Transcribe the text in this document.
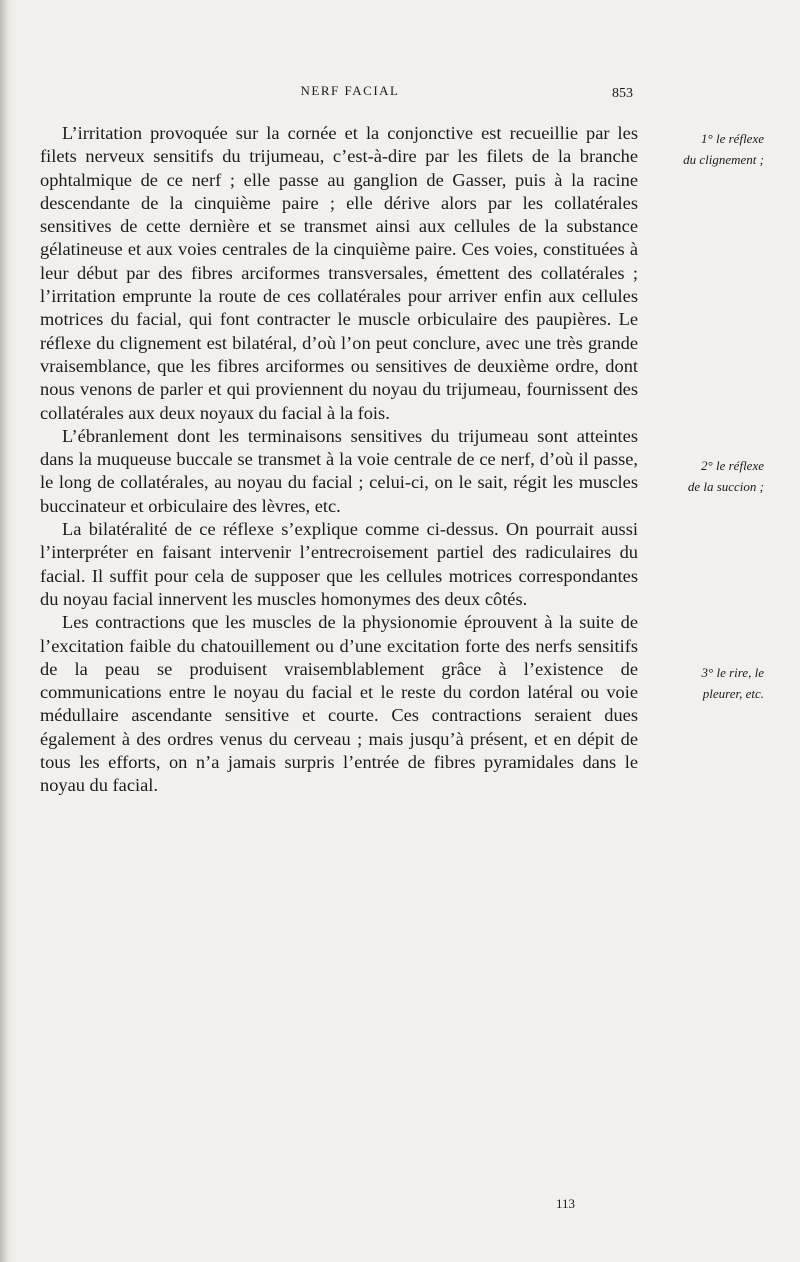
NERF FACIAL	853

L’irritation provoquée sur la cornée et la conjonctive est recueillie par les filets nerveux sensitifs du trijumeau, c’est-à-dire par les filets de la branche ophtalmique de ce nerf ; elle passe au ganglion de Gasser, puis à la racine descendante de la cinquième paire ; elle dérive alors par les collatérales sensitives de cette dernière et se transmet ainsi aux cellules de la substance gélatineuse et aux voies centrales de la cinquième paire. Ces voies, constituées à leur début par des fibres arciformes transversales, émettent des collatérales ; l’irritation emprunte la route de ces collatérales pour arriver enfin aux cellules motrices du facial, qui font contracter le muscle orbiculaire des paupières. Le réflexe du clignement est bilatéral, d’où l’on peut conclure, avec une très grande vraisemblance, que les fibres arciformes ou sensitives de deuxième ordre, dont nous venons de parler et qui proviennent du noyau du trijumeau, fournissent des collatérales aux deux noyaux du facial à la fois.

L’ébranlement dont les terminaisons sensitives du trijumeau sont atteintes dans la muqueuse buccale se transmet à la voie centrale de ce nerf, d’où il passe, le long de collatérales, au noyau du facial ; celui-ci, on le sait, régit les muscles buccinateur et orbiculaire des lèvres, etc.

La bilatéralité de ce réflexe s’explique comme ci-dessus. On pourrait aussi l’interpréter en faisant intervenir l’entrecroisement partiel des radiculaires du facial. Il suffit pour cela de supposer que les cellules motrices correspondantes du noyau facial innervent les muscles homonymes des deux côtés.

Les contractions que les muscles de la physionomie éprouvent à la suite de l’excitation faible du chatouillement ou d’une excitation forte des nerfs sensitifs de la peau se produisent vraisemblablement grâce à l’existence de communications entre le noyau du facial et le reste du cordon latéral ou voie médullaire ascendante sensitive et courte. Ces contractions seraient dues également à des ordres venus du cerveau ; mais jusqu’à présent, et en dépit de tous les efforts, on n’a jamais surpris l’entrée de fibres pyramidales dans le noyau du facial.

1° le réflexe
du clignement ;
2° le réflexe
de la succion ;
3° le rire, le
pleurer, etc.
113
